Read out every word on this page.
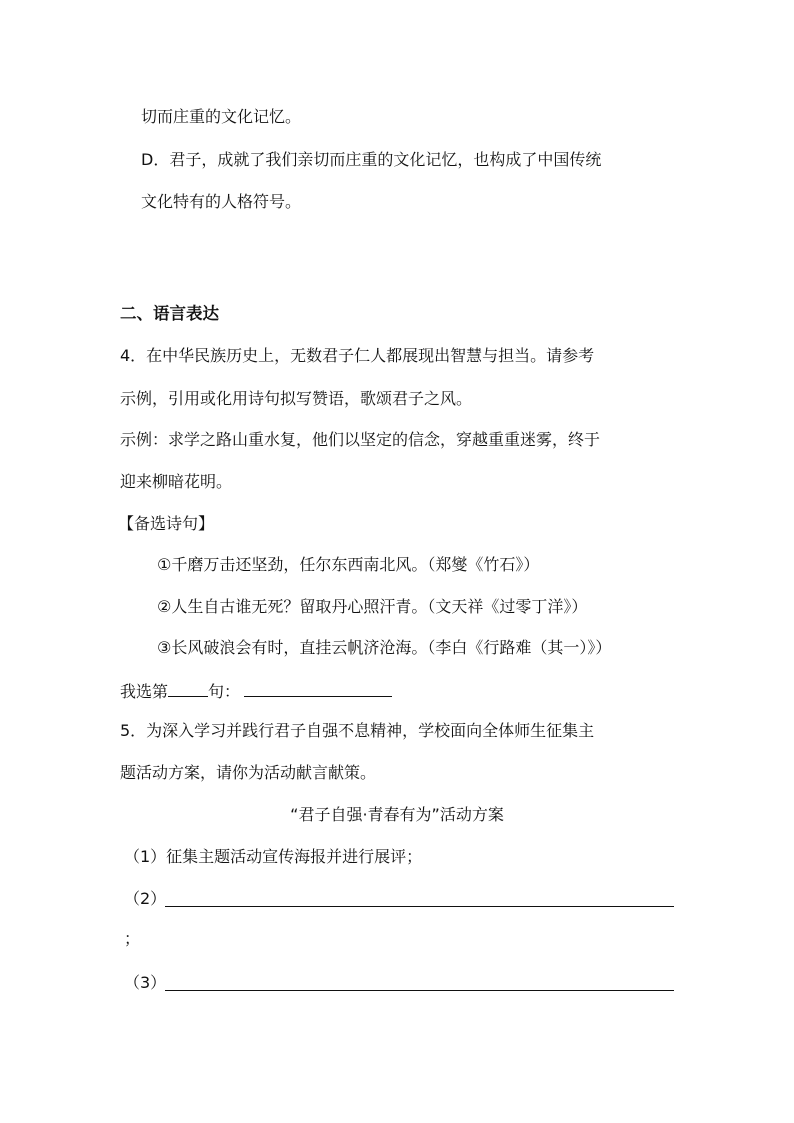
切而庄重的文化记忆。
D．君子，成就了我们亲切而庄重的文化记忆，也构成了中国传统
文化特有的人格符号。
二、语言表达
4．在中华民族历史上，无数君子仁人都展现出智慧与担当。请参考
示例，引用或化用诗句拟写赞语，歌颂君子之风。
示例：求学之路山重水复，他们以坚定的信念，穿越重重迷雾，终于
迎来柳暗花明。
【备选诗句】
①千磨万击还坚劲，任尔东西南北风。（郑燮《竹石》）
②人生自古谁无死？留取丹心照汗青。（文天祥《过零丁洋》）
③长风破浪会有时，直挂云帆济沧海。（李白《行路难（其一）》）
我选第	句：
5．为深入学习并践行君子自强不息精神，学校面向全体师生征集主
题活动方案，请你为活动献言献策。
“君子自强·青春有为”活动方案
（1）征集主题活动宣传海报并进行展评；
（2）
；
（3）
